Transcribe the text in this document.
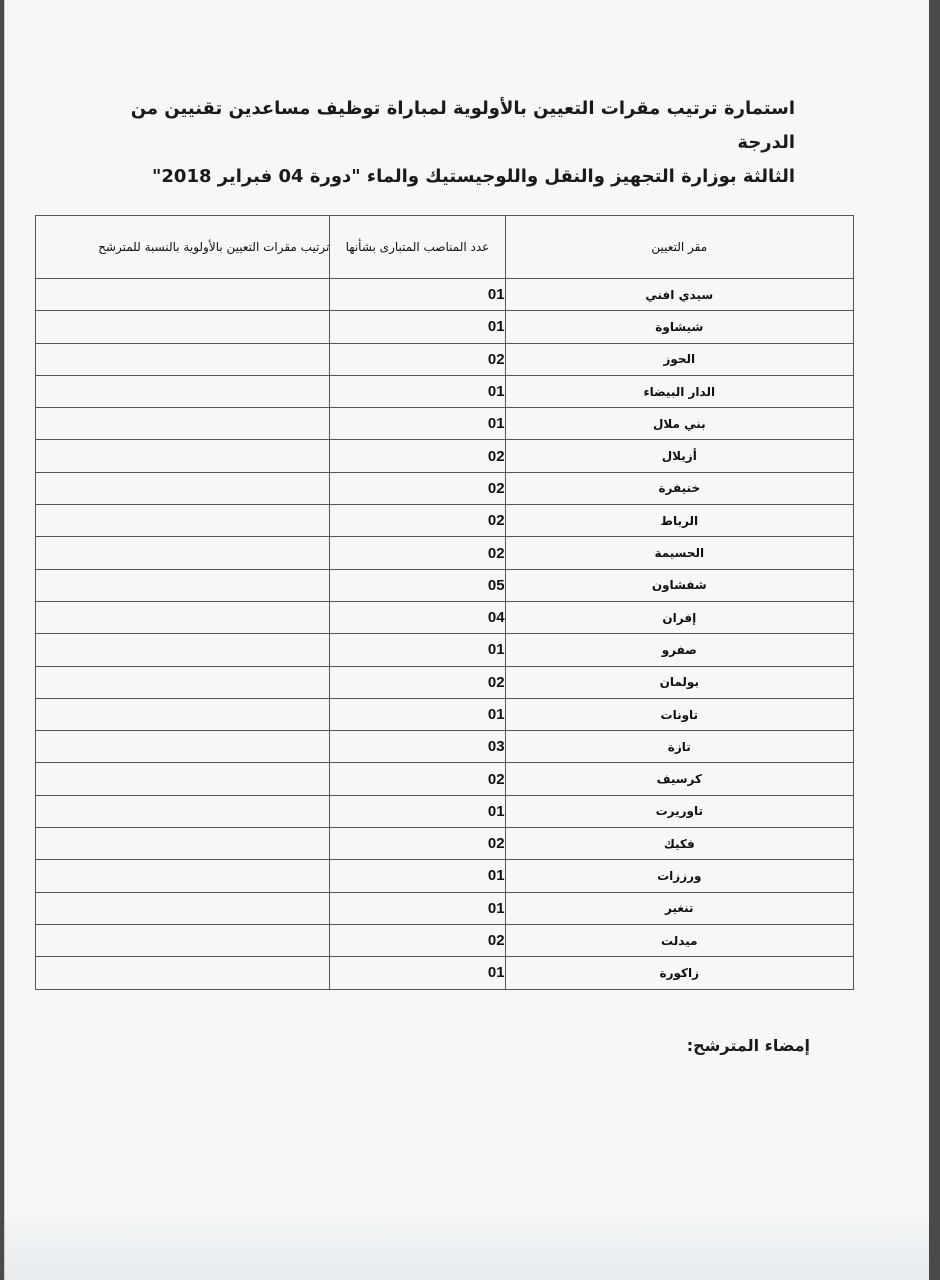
استمارة ترتيب مقرات التعيين بالأولوية لمباراة توظيف مساعدين تقنيين من الدرجة
الثالثة بوزارة التجهيز والنقل واللوجيستيك والماء "دورة 04 فبراير 2018"
مقر التعيين	عدد المناصب المتبارى بشأنها	ترتيب مقرات التعيين بالأولوية بالنسبة للمترشح
سيدي افني	01	
شيشاوة	01	
الحوز	02	
الدار البيضاء	01	
بني ملال	01	
أزيلال	02	
خنيفرة	02	
الرباط	02	
الحسيمة	02	
شفشاون	05	
إفران	04	
صفرو	01	
بولمان	02	
تاونات	01	
تازة	03	
كرسيف	02	
تاوريرت	01	
فكيك	02	
ورززات	01	
تنغير	01	
ميدلت	02	
زاكورة	01	
إمضاء المترشح:
